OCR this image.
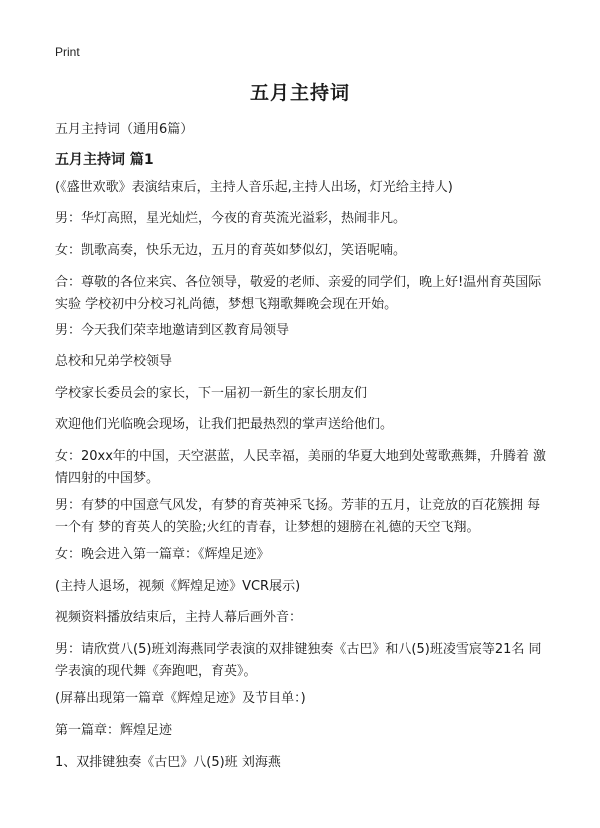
Print
五月主持词
五月主持词（通用6篇）
五月主持词 篇1

(《盛世欢歌》表演结束后，主持人音乐起,主持人出场，灯光给主持人)

男：华灯高照，星光灿烂，今夜的育英流光溢彩，热闹非凡。

女：凯歌高奏，快乐无边，五月的育英如梦似幻，笑语呢喃。

合：尊敬的各位来宾、各位领导，敬爱的老师、亲爱的同学们，晚上好!温州育英国际实验 学校初中分校习礼尚德，梦想飞翔歌舞晚会现在开始。

男：今天我们荣幸地邀请到区教育局领导

总校和兄弟学校领导

学校家长委员会的家长，下一届初一新生的家长朋友们

欢迎他们光临晚会现场，让我们把最热烈的掌声送给他们。

女：20xx年的中国，天空湛蓝，人民幸福，美丽的华夏大地到处莺歌燕舞，升腾着 激情四射的中国梦。

男：有梦的中国意气风发，有梦的育英神采飞扬。芳菲的五月，让竞放的百花簇拥 每一个有 梦的育英人的笑脸;火红的青春，让梦想的翅膀在礼德的天空飞翔。

女：晚会进入第一篇章：《辉煌足迹》

(主持人退场，视频《辉煌足迹》VCR展示)

视频资料播放结束后，主持人幕后画外音：

男：请欣赏八(5)班刘海燕同学表演的双排键独奏《古巴》和八(5)班凌雪宸等21名 同学表演的现代舞《奔跑吧，育英》。

(屏幕出现第一篇章《辉煌足迹》及节目单：)

第一篇章：辉煌足迹

1、双排键独奏《古巴》八(5)班 刘海燕
